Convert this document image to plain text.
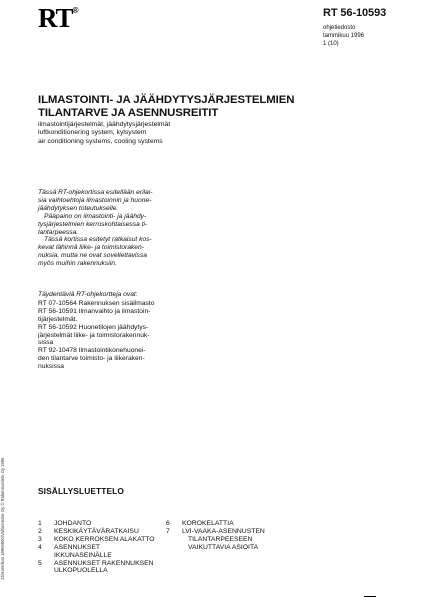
RT®	RT 56-10593
ohjetiedosto
tammikuu 1996
1 (10)
ILMASTOINTI- JA JÄÄHDYTYSJÄRJESTELMIEN
TILANTARVE JA ASENNUSREITIT
ilmastointijärjestelmät, jäähdytysjärjestelmät
luftkonditionering system, kylsystem
air conditioning systems, cooling systems

Tässä RT-ohjekortissa esitellään erilai-
sia vaihtoehtoja ilmastoinnin ja huone-
jäähdytyksen toteutukselle.

Pääpaino on ilmastointi- ja jäähdy-
tysjärjestelmien kerroskohtaisessa ti-
lantarpeessa.

Tässä kortissa esitetyt ratkaisut kos-
kevat lähinnä liike- ja toimistoraken-
nuksia, mutta ne ovat sovellettavissa
myös muihin rakennuksiin.

Täydentäviä RT-ohjekortteja ovat:
RT 07-10564 Rakennuksen sisäilmasto
RT 56-10591 Ilmanvaihto ja ilmastoin-
tijärjestelmät.
RT 56-10592 Huonetilojen jäähdytys-
järjestelmät liike- ja toimistorakennuk-
sissa
RT 92-10478 Ilmastointikonehuonei-
den tilantarve toimisto- ja liikeraken-
nuksissa
JJ/Hamrikus 18966600/Valtionrestie Oy © Rakennustieto Oy 1996	SISÄLLYSLUETTELO
1	JOHDANTO
2	KESKIKÄYTÄVÄRATKAISU
3	KOKO KERROKSEN ALAKATTO
4	ASENNUKSET
IKKUNASEINÄLLE
5	ASENNUKSET RAKENNUKSEN
ULKOPUOLELLA
6	KOROKELATTIA
7	LVI-VAAKA-ASENNUSTEN
TILANTARPEESEEN
VAIKUTTAVIA ASIOITA
